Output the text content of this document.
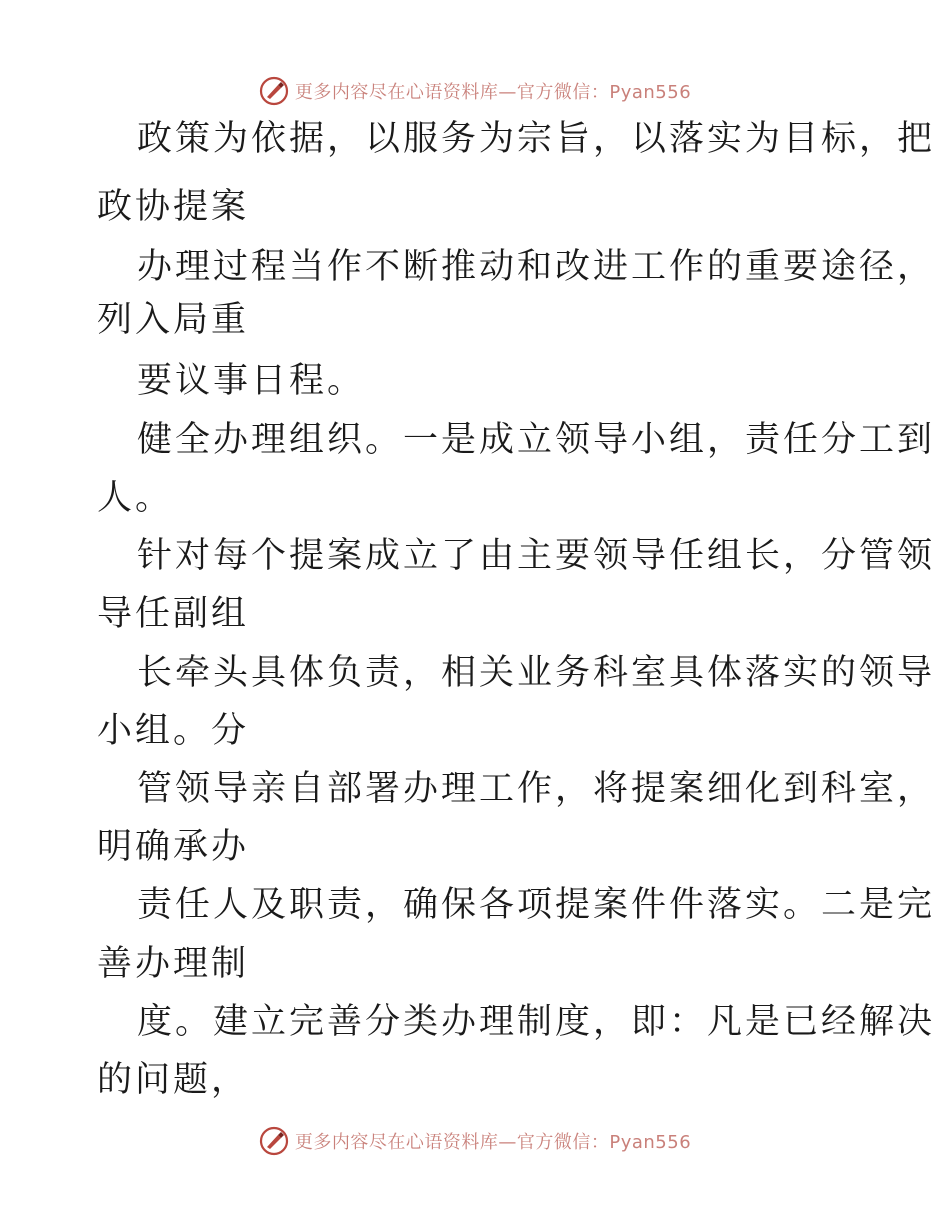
更多内容尽在心语资料库—官方微信：Pyan556
政策为依据，以服务为宗旨，以落实为目标，把
政协提案
办理过程当作不断推动和改进工作的重要途径，
列入局重
要议事日程。
健全办理组织。一是成立领导小组，责任分工到
人。
针对每个提案成立了由主要领导任组长，分管领
导任副组
长牵头具体负责，相关业务科室具体落实的领导
小组。分
管领导亲自部署办理工作，将提案细化到科室，
明确承办
责任人及职责，确保各项提案件件落实。二是完
善办理制
度。建立完善分类办理制度，即：凡是已经解决
的问题，
更多内容尽在心语资料库—官方微信：Pyan556
